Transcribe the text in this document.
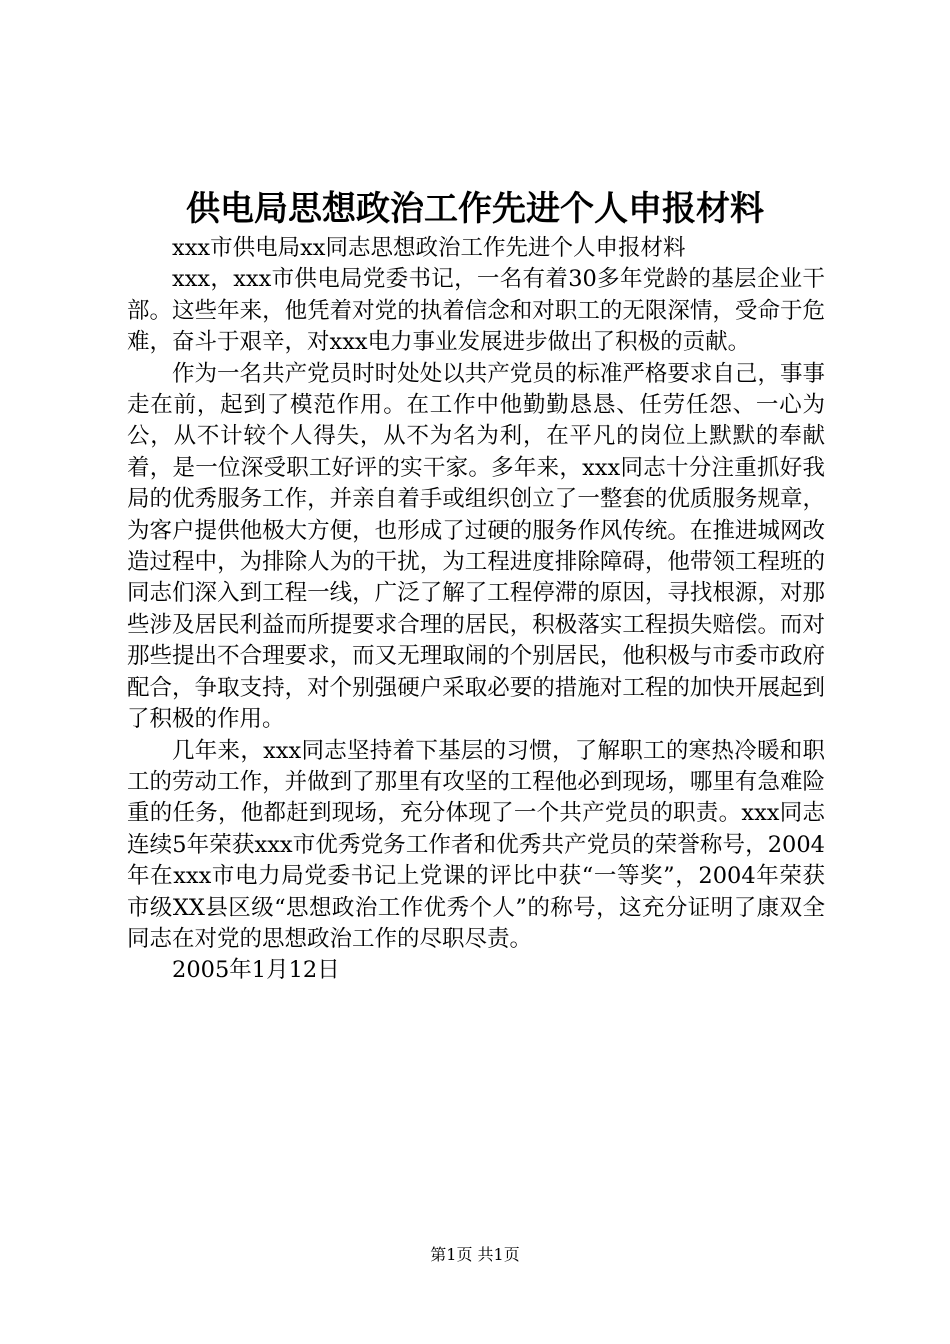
供电局思想政治工作先进个人申报材料

xxx市供电局xx同志思想政治工作先进个人申报材料

xxx，xxx市供电局党委书记，一名有着30多年党龄的基层企业干部。这些年来，他凭着对党的执着信念和对职工的无限深情，受命于危难，奋斗于艰辛，对xxx电力事业发展进步做出了积极的贡献。

作为一名共产党员时时处处以共产党员的标准严格要求自己，事事走在前，起到了模范作用。在工作中他勤勤恳恳、任劳任怨、一心为公，从不计较个人得失，从不为名为利，在平凡的岗位上默默的奉献着，是一位深受职工好评的实干家。多年来，xxx同志十分注重抓好我局的优秀服务工作，并亲自着手或组织创立了一整套的优质服务规章，为客户提供他极大方便，也形成了过硬的服务作风传统。在推进城网改造过程中，为排除人为的干扰，为工程进度排除障碍，他带领工程班的同志们深入到工程一线，广泛了解了工程停滞的原因，寻找根源，对那些涉及居民利益而所提要求合理的居民，积极落实工程损失赔偿。而对那些提出不合理要求，而又无理取闹的个别居民，他积极与市委市政府配合，争取支持，对个别强硬户采取必要的措施对工程的加快开展起到了积极的作用。

几年来，xxx同志坚持着下基层的习惯，了解职工的寒热冷暖和职工的劳动工作，并做到了那里有攻坚的工程他必到现场，哪里有急难险重的任务，他都赶到现场，充分体现了一个共产党员的职责。xxx同志连续5年荣获xxx市优秀党务工作者和优秀共产党员的荣誉称号，2004年在xxx市电力局党委书记上党课的评比中获“一等奖”，2004年荣获市级XX县区级“思想政治工作优秀个人”的称号，这充分证明了康双全同志在对党的思想政治工作的尽职尽责。

2005年1月12日

第1页 共1页
